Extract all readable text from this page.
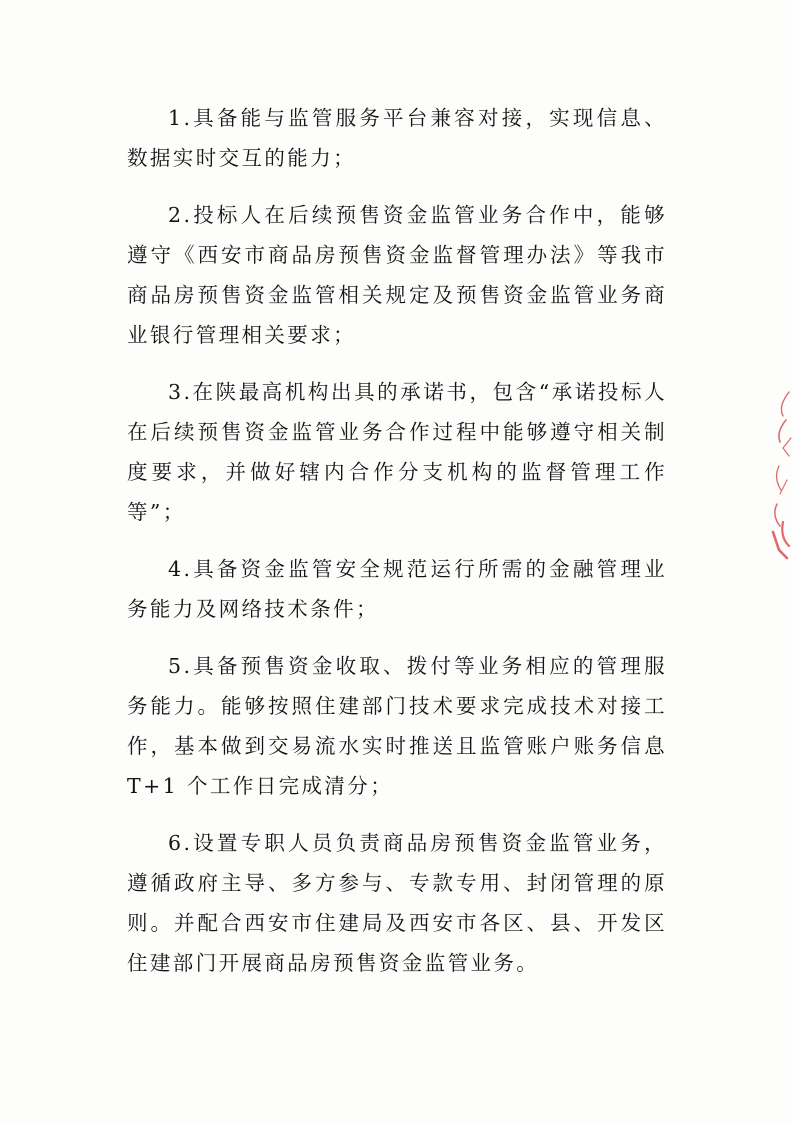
1.具备能与监管服务平台兼容对接，实现信息、数据实时交互的能力；

2.投标人在后续预售资金监管业务合作中，能够遵守《西安市商品房预售资金监督管理办法》等我市商品房预售资金监管相关规定及预售资金监管业务商业银行管理相关要求；

3.在陕最高机构出具的承诺书，包含“承诺投标人在后续预售资金监管业务合作过程中能够遵守相关制度要求，并做好辖内合作分支机构的监督管理工作等”；

4.具备资金监管安全规范运行所需的金融管理业务能力及网络技术条件；

5.具备预售资金收取、拨付等业务相应的管理服务能力。能够按照住建部门技术要求完成技术对接工作，基本做到交易流水实时推送且监管账户账务信息 T+1 个工作日完成清分；

6.设置专职人员负责商品房预售资金监管业务，遵循政府主导、多方参与、专款专用、封闭管理的原则。并配合西安市住建局及西安市各区、县、开发区住建部门开展商品房预售资金监管业务。
